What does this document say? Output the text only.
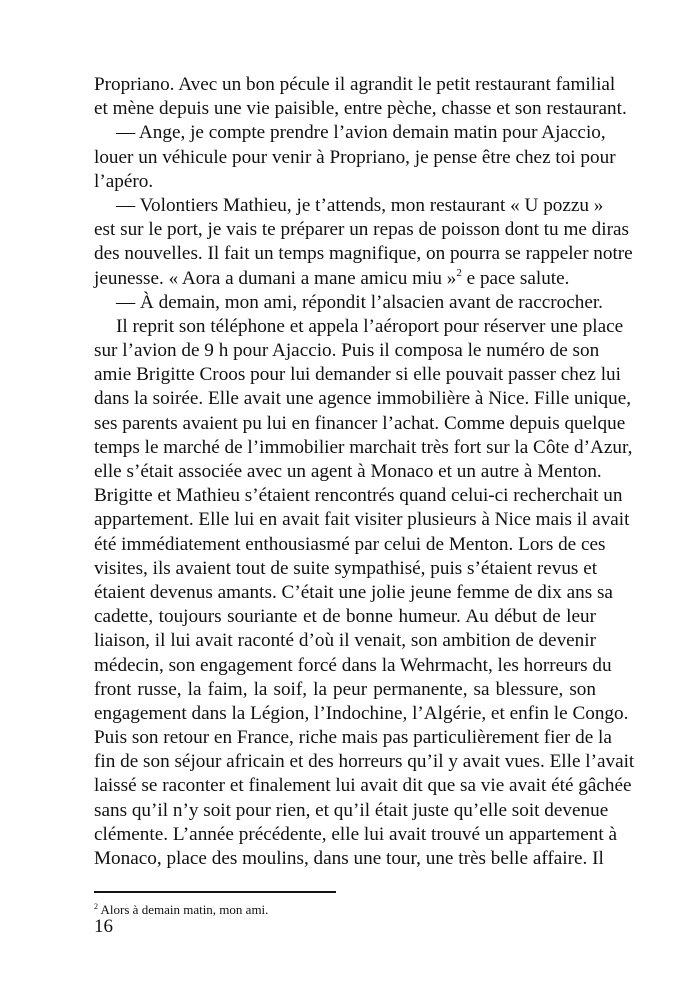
Propriano. Avec un bon pécule il agrandit le petit restaurant familial
et mène depuis une vie paisible, entre pèche, chasse et son restaurant.
— Ange, je compte prendre l’avion demain matin pour Ajaccio,
louer un véhicule pour venir à Propriano, je pense être chez toi pour
l’apéro.
— Volontiers Mathieu, je t’attends, mon restaurant « U pozzu »
est sur le port, je vais te préparer un repas de poisson dont tu me diras
des nouvelles. Il fait un temps magnifique, on pourra se rappeler notre
jeunesse. « Aora a dumani a mane amicu miu »$^2$ e pace salute.
— À demain, mon ami, répondit l’alsacien avant de raccrocher.
Il reprit son téléphone et appela l’aéroport pour réserver une place
sur l’avion de 9 h pour Ajaccio. Puis il composa le numéro de son
amie Brigitte Croos pour lui demander si elle pouvait passer chez lui
dans la soirée. Elle avait une agence immobilière à Nice. Fille unique,
ses parents avaient pu lui en financer l’achat. Comme depuis quelque
temps le marché de l’immobilier marchait très fort sur la Côte d’Azur,
elle s’était associée avec un agent à Monaco et un autre à Menton.
Brigitte et Mathieu s’étaient rencontrés quand celui-ci recherchait un
appartement. Elle lui en avait fait visiter plusieurs à Nice mais il avait
été immédiatement enthousiasmé par celui de Menton. Lors de ces
visites, ils avaient tout de suite sympathisé, puis s’étaient revus et
étaient devenus amants. C’était une jolie jeune femme de dix ans sa
cadette, toujours souriante et de bonne humeur. Au début de leur
liaison, il lui avait raconté d’où il venait, son ambition de devenir
médecin, son engagement forcé dans la Wehrmacht, les horreurs du
front russe, la faim, la soif, la peur permanente, sa blessure, son
engagement dans la Légion, l’Indochine, l’Algérie, et enfin le Congo.
Puis son retour en France, riche mais pas particulièrement fier de la
fin de son séjour africain et des horreurs qu’il y avait vues. Elle l’avait
laissé se raconter et finalement lui avait dit que sa vie avait été gâchée
sans qu’il n’y soit pour rien, et qu’il était juste qu’elle soit devenue
clémente. L’année précédente, elle lui avait trouvé un appartement à
Monaco, place des moulins, dans une tour, une très belle affaire. Il
$^2$ Alors à demain matin, mon ami.
16
